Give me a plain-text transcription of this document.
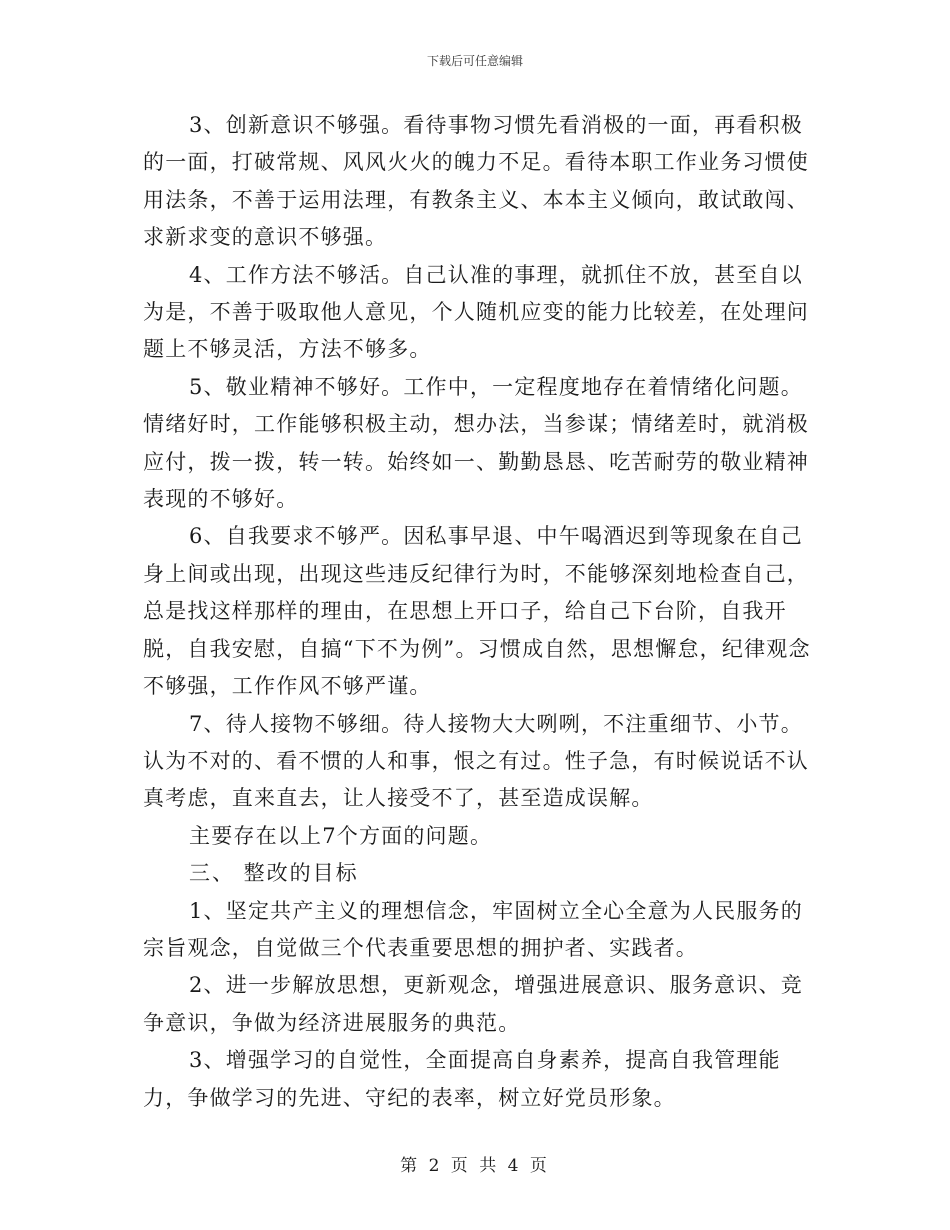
下载后可任意编辑

3、创新意识不够强。看待事物习惯先看消极的一面，再看积极的一面，打破常规、风风火火的魄力不足。看待本职工作业务习惯使用法条，不善于运用法理，有教条主义、本本主义倾向，敢试敢闯、求新求变的意识不够强。

4、工作方法不够活。自己认准的事理，就抓住不放，甚至自以为是，不善于吸取他人意见，个人随机应变的能力比较差，在处理问题上不够灵活，方法不够多。

5、敬业精神不够好。工作中，一定程度地存在着情绪化问题。情绪好时，工作能够积极主动，想办法，当参谋；情绪差时，就消极应付，拨一拨，转一转。始终如一、勤勤恳恳、吃苦耐劳的敬业精神表现的不够好。

6、自我要求不够严。因私事早退、中午喝酒迟到等现象在自己身上间或出现，出现这些违反纪律行为时，不能够深刻地检查自己，总是找这样那样的理由，在思想上开口子，给自己下台阶，自我开脱，自我安慰，自搞“下不为例”。习惯成自然，思想懈怠，纪律观念不够强，工作作风不够严谨。

7、待人接物不够细。待人接物大大咧咧，不注重细节、小节。认为不对的、看不惯的人和事，恨之有过。性子急，有时候说话不认真考虑，直来直去，让人接受不了，甚至造成误解。

主要存在以上7个方面的问题。

三、 整改的目标

1、坚定共产主义的理想信念，牢固树立全心全意为人民服务的宗旨观念，自觉做三个代表重要思想的拥护者、实践者。

2、进一步解放思想，更新观念，增强进展意识、服务意识、竞争意识，争做为经济进展服务的典范。

3、增强学习的自觉性，全面提高自身素养，提高自我管理能力，争做学习的先进、守纪的表率，树立好党员形象。

第 2 页 共 4 页
